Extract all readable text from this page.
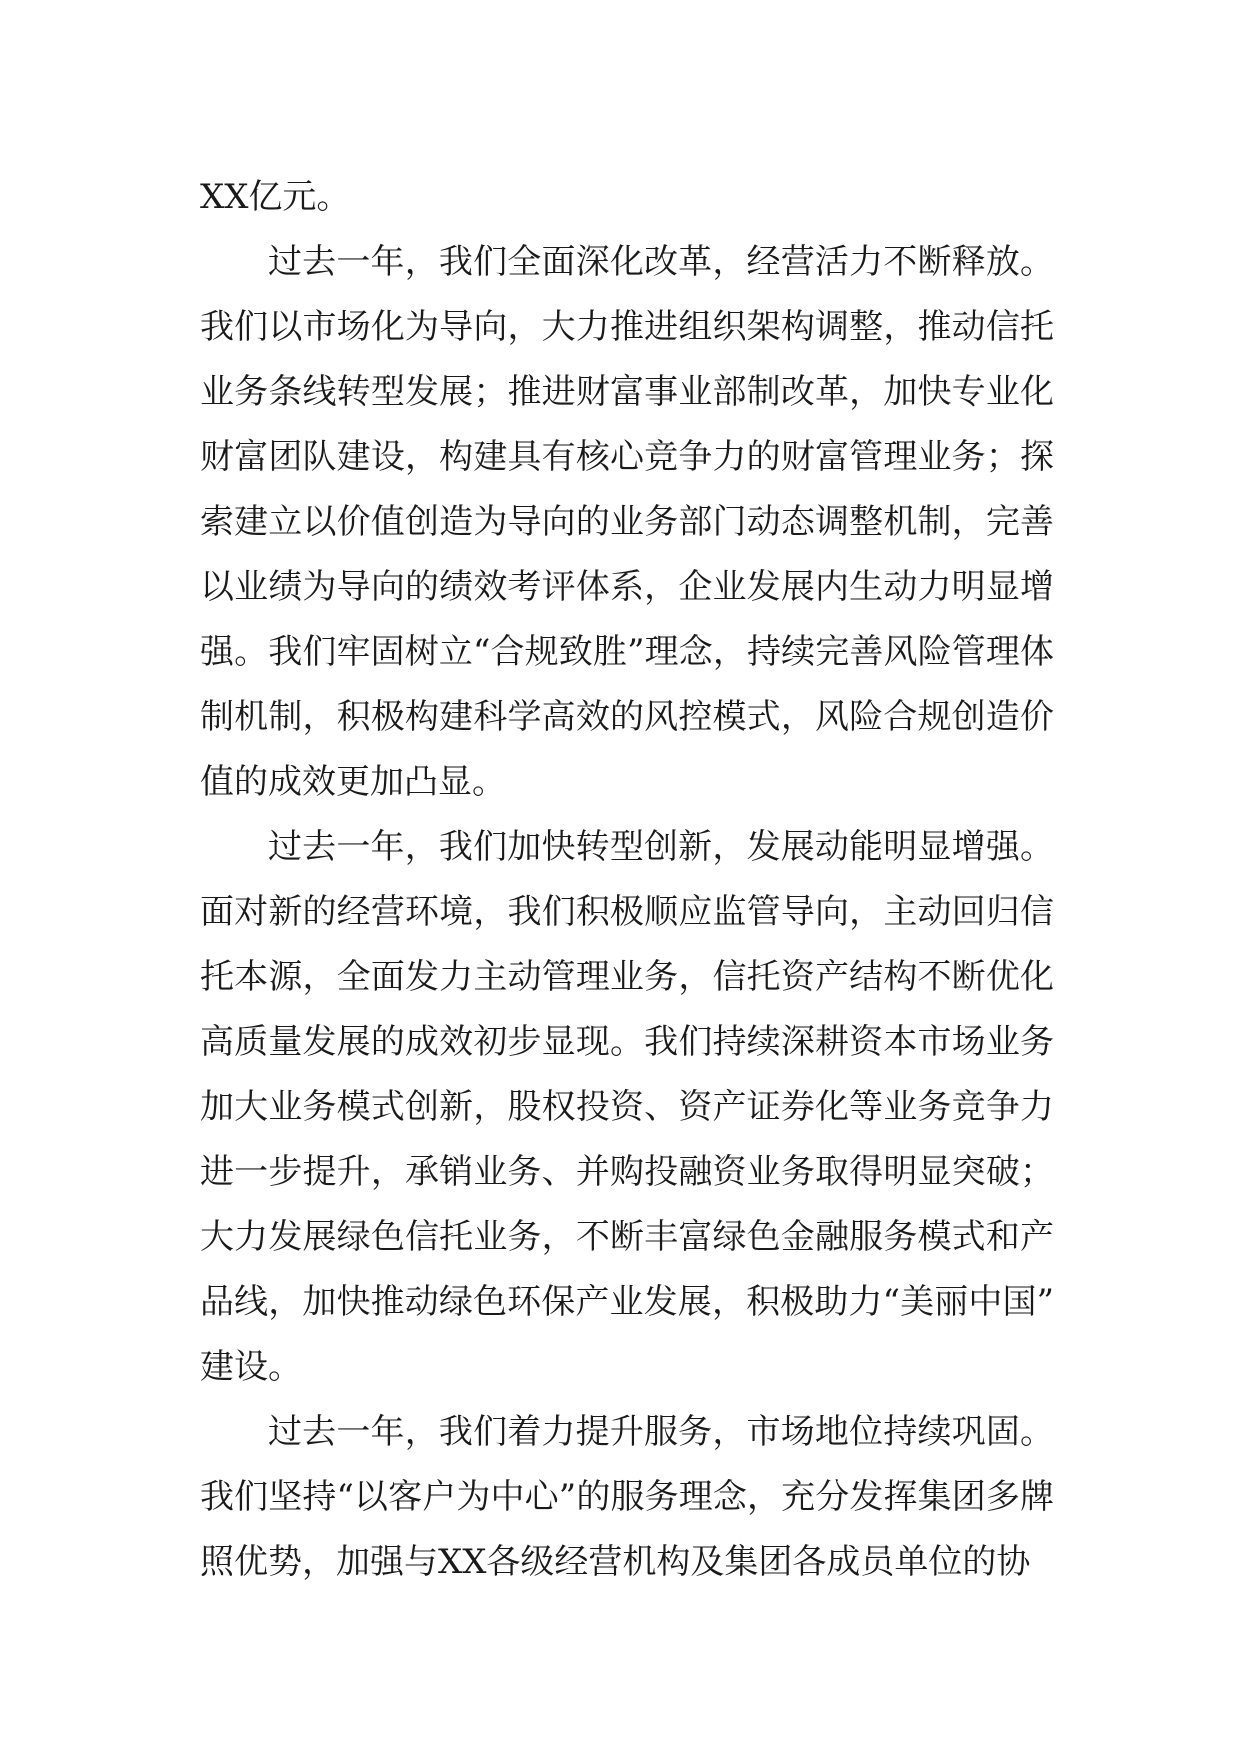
XX亿元。

过去一年，我们全面深化改革，经营活力不断释放。我们以市场化为导向，大力推进组织架构调整，推动信托业务条线转型发展；推进财富事业部制改革，加快专业化财富团队建设，构建具有核心竞争力的财富管理业务；探索建立以价值创造为导向的业务部门动态调整机制，完善以业绩为导向的绩效考评体系，企业发展内生动力明显增强。我们牢固树立“合规致胜”理念，持续完善风险管理体制机制，积极构建科学高效的风控模式，风险合规创造价值的成效更加凸显。

过去一年，我们加快转型创新，发展动能明显增强。面对新的经营环境，我们积极顺应监管导向，主动回归信托本源，全面发力主动管理业务，信托资产结构不断优化高质量发展的成效初步显现。我们持续深耕资本市场业务加大业务模式创新，股权投资、资产证券化等业务竞争力进一步提升，承销业务、并购投融资业务取得明显突破；大力发展绿色信托业务，不断丰富绿色金融服务模式和产品线，加快推动绿色环保产业发展，积极助力“美丽中国”建设。

过去一年，我们着力提升服务，市场地位持续巩固。我们坚持“以客户为中心”的服务理念，充分发挥集团多牌照优势，加强与XX各级经营机构及集团各成员单位的协
